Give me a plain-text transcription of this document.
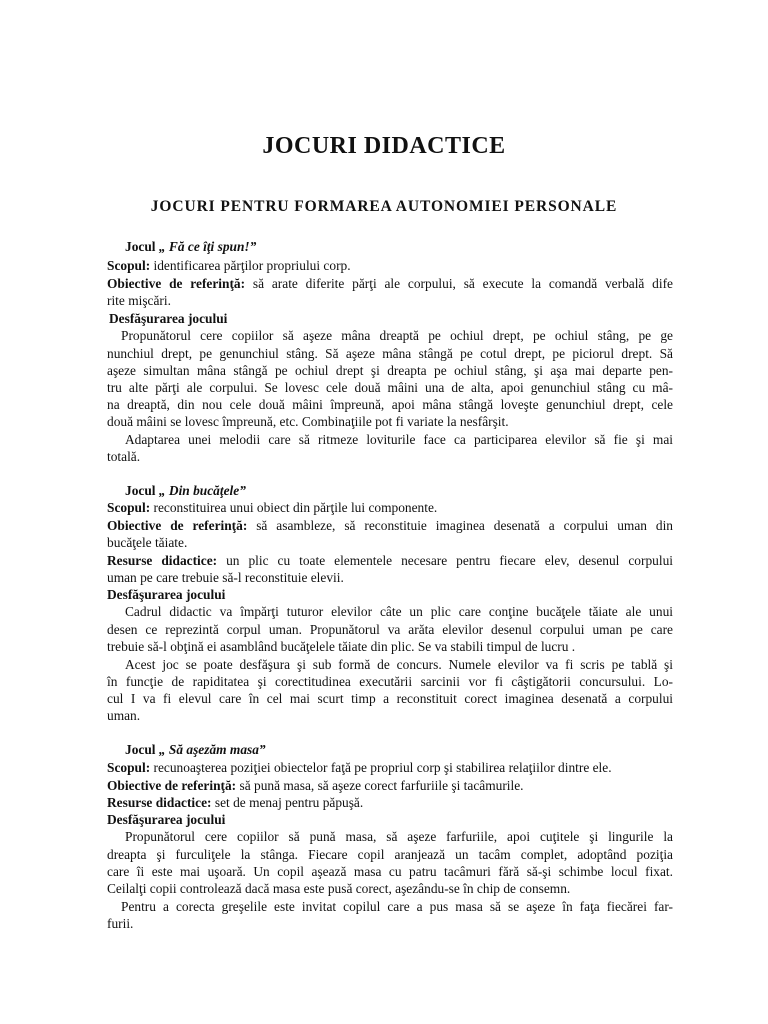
JOCURI DIDACTICE
JOCURI PENTRU FORMAREA AUTONOMIEI PERSONALE
Jocul „ Fă ce îţi spun!”
Scopul: identificarea părţilor propriului corp.
Obiective de referinţă: să arate diferite părţi ale corpului, să execute la comandă verbală dife
rite mişcări.
Desfăşurarea jocului
Propunătorul cere copiilor să aşeze mâna dreaptă pe ochiul drept, pe ochiul stâng, pe ge
nunchiul drept, pe genunchiul stâng. Să aşeze mâna stângă pe cotul drept, pe piciorul drept. Să
aşeze simultan mâna stângă pe ochiul drept şi dreapta pe ochiul stâng, şi aşa mai departe pen-
tru alte părţi ale corpului. Se lovesc cele două mâini una de alta, apoi genunchiul stâng cu mâ-
na dreaptă, din nou cele două mâini împreună, apoi mâna stângă loveşte genunchiul drept, cele
două mâini se lovesc împreună, etc. Combinaţiile pot fi variate la nesfârşit.
Adaptarea unei melodii care să ritmeze loviturile face ca participarea elevilor să fie şi mai
totală.
Jocul „ Din bucăţele”
Scopul: reconstituirea unui obiect din părţile lui componente.
Obiective de referinţă: să asambleze, să reconstituie imaginea desenată a corpului uman din
bucăţele tăiate.
Resurse didactice: un plic cu toate elementele necesare pentru fiecare elev, desenul corpului
uman pe care trebuie să-l reconstituie elevii.
Desfăşurarea jocului
Cadrul didactic va împărţi tuturor elevilor câte un plic care conţine bucăţele tăiate ale unui
desen ce reprezintă corpul uman. Propunătorul va arăta elevilor desenul corpului uman pe care
trebuie să-l obţină ei asamblând bucăţelele tăiate din plic. Se va stabili timpul de lucru .
Acest joc se poate desfăşura şi sub formă de concurs. Numele elevilor va fi scris pe tablă şi
în funcţie de rapiditatea şi corectitudinea executării sarcinii vor fi câştigătorii concursului. Lo-
cul I va fi elevul care în cel mai scurt timp a reconstituit corect imaginea desenată a corpului
uman.
Jocul „ Să aşezăm masa”
Scopul: recunoaşterea poziţiei obiectelor faţă pe propriul corp şi stabilirea relaţiilor dintre ele.
Obiective de referinţă: să pună masa, să aşeze corect farfuriile şi tacâmurile.
Resurse didactice: set de menaj pentru păpuşă.
Desfăşurarea jocului
Propunătorul cere copiilor să pună masa, să aşeze farfuriile, apoi cuţitele şi lingurile la
dreapta şi furculiţele la stânga. Fiecare copil aranjează un tacâm complet, adoptând poziţia
care îi este mai uşoară. Un copil aşează masa cu patru tacâmuri fără să-şi schimbe locul fixat.
Ceilalţi copii controlează dacă masa este pusă corect, aşezându-se în chip de consemn.
Pentru a corecta greşelile este invitat copilul care a pus masa să se aşeze în faţa fiecărei far-
furii.
